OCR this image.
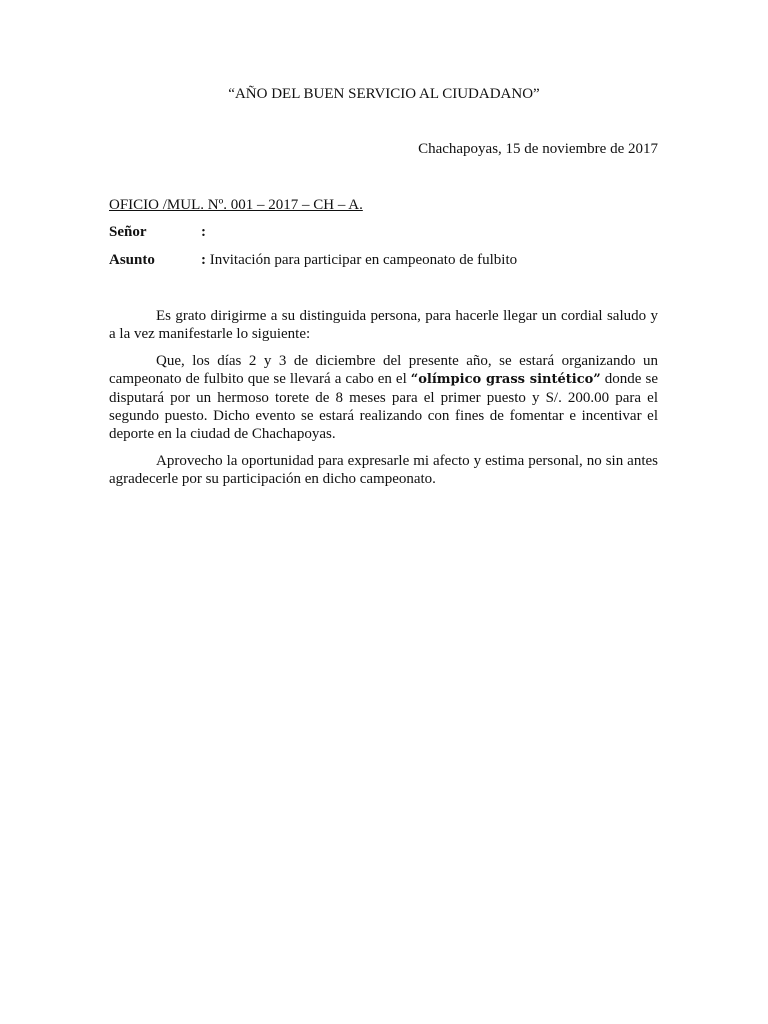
“AÑO DEL BUEN SERVICIO AL CIUDADANO”
Chachapoyas, 15 de noviembre de 2017
OFICIO /MUL. Nº. 001 – 2017 – CH – A.
Señor	:
Asunto	: Invitación para participar en campeonato de fulbito

Es grato dirigirme a su distinguida persona, para hacerle llegar un cordial saludo y a la vez manifestarle lo siguiente:

Que, los días 2 y 3 de diciembre del presente año, se estará organizando un campeonato de fulbito que se llevará a cabo en el “olímpico grass sintético” donde se disputará por un hermoso torete de 8 meses para el primer puesto y S/. 200.00 para el segundo puesto. Dicho evento se estará realizando con fines de fomentar e incentivar el deporte en la ciudad de Chachapoyas.

Aprovecho la oportunidad para expresarle mi afecto y estima personal, no sin antes agradecerle por su participación en dicho campeonato.
